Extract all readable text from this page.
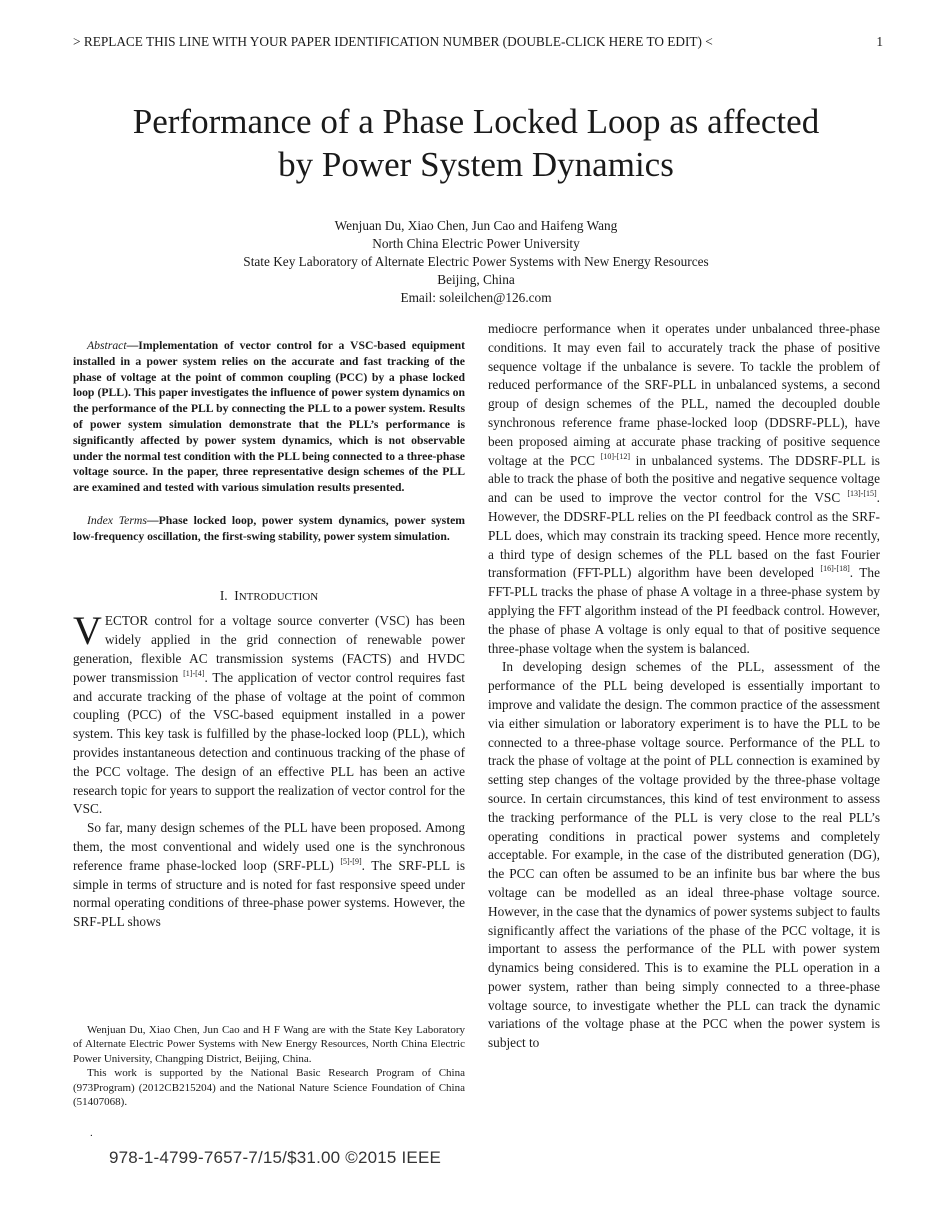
> REPLACE THIS LINE WITH YOUR PAPER IDENTIFICATION NUMBER (DOUBLE-CLICK HERE TO EDIT) <	1
Performance of a Phase Locked Loop as affected
by Power System Dynamics
Wenjuan Du, Xiao Chen, Jun Cao and Haifeng Wang
North China Electric Power University
State Key Laboratory of Alternate Electric Power Systems with New Energy Resources
Beijing, China
Email: soleilchen@126.com

Abstract—Implementation of vector control for a VSC-based equipment installed in a power system relies on the accurate and fast tracking of the phase of voltage at the point of common coupling (PCC) by a phase locked loop (PLL). This paper investigates the influence of power system dynamics on the performance of the PLL by connecting the PLL to a power system. Results of power system simulation demonstrate that the PLL’s performance is significantly affected by power system dynamics, which is not observable under the normal test condition with the PLL being connected to a three-phase voltage source. In the paper, three representative design schemes of the PLL are examined and tested with various simulation results presented.

Index Terms—Phase locked loop, power system dynamics, power system low-frequency oscillation, the first-swing stability, power system simulation.

I. INTRODUCTION

VECTOR control for a voltage source converter (VSC) has been widely applied in the grid connection of renewable power generation, flexible AC transmission systems (FACTS) and HVDC power transmission [1]-[4]. The application of vector control requires fast and accurate tracking of the phase of voltage at the point of common coupling (PCC) of the VSC-based equipment installed in a power system. This key task is fulfilled by the phase-locked loop (PLL), which provides instantaneous detection and continuous tracking of the phase of the PCC voltage. The design of an effective PLL has been an active research topic for years to support the realization of vector control for the VSC.

So far, many design schemes of the PLL have been proposed. Among them, the most conventional and widely used one is the synchronous reference frame phase-locked loop (SRF-PLL) [5]-[9]. The SRF-PLL is simple in terms of structure and is noted for fast responsive speed under normal operating conditions of three-phase power systems. However, the SRF-PLL shows

mediocre performance when it operates under unbalanced three-phase conditions. It may even fail to accurately track the phase of positive sequence voltage if the unbalance is severe. To tackle the problem of reduced performance of the SRF-PLL in unbalanced systems, a second group of design schemes of the PLL, named the decoupled double synchronous reference frame phase-locked loop (DDSRF-PLL), have been proposed aiming at accurate phase tracking of positive sequence voltage at the PCC [10]-[12] in unbalanced systems. The DDSRF-PLL is able to track the phase of both the positive and negative sequence voltage and can be used to improve the vector control for the VSC [13]-[15]. However, the DDSRF-PLL relies on the PI feedback control as the SRF-PLL does, which may constrain its tracking speed. Hence more recently, a third type of design schemes of the PLL based on the fast Fourier transformation (FFT-PLL) algorithm have been developed [16]-[18]. The FFT-PLL tracks the phase of phase A voltage in a three-phase system by applying the FFT algorithm instead of the PI feedback control. However, the phase of phase A voltage is only equal to that of positive sequence three-phase voltage when the system is balanced.

In developing design schemes of the PLL, assessment of the performance of the PLL being developed is essentially important to improve and validate the design. The common practice of the assessment via either simulation or laboratory experiment is to have the PLL to be connected to a three-phase voltage source. Performance of the PLL to track the phase of voltage at the point of PLL connection is examined by setting step changes of the voltage provided by the three-phase voltage source. In certain circumstances, this kind of test environment to assess the tracking performance of the PLL is very close to the real PLL’s operating conditions in practical power systems and completely acceptable. For example, in the case of the distributed generation (DG), the PCC can often be assumed to be an infinite bus bar where the bus voltage can be modelled as an ideal three-phase voltage source. However, in the case that the dynamics of power systems subject to faults significantly affect the variations of the phase of the PCC voltage, it is important to assess the performance of the PLL with power system dynamics being considered. This is to examine the PLL operation in a power system, rather than being simply connected to a three-phase voltage source, to investigate whether the PLL can track the dynamic variations of the voltage phase at the PCC when the power system is subject to

Wenjuan Du, Xiao Chen, Jun Cao and H F Wang are with the State Key Laboratory of Alternate Electric Power Systems with New Energy Resources, North China Electric Power University, Changping District, Beijing, China.

This work is supported by the National Basic Research Program of China (973Program) (2012CB215204) and the National Nature Science Foundation of China (51407068).

.
978-1-4799-7657-7/15/$31.00 ©2015 IEEE
